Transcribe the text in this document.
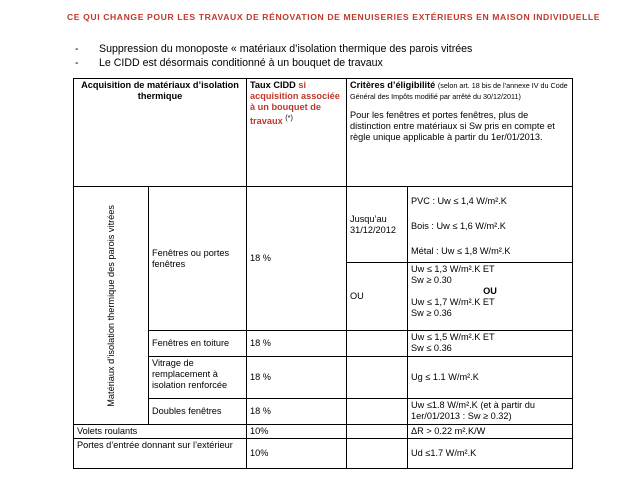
CE QUI CHANGE POUR LES TRAVAUX DE RÉNOVATION DE MENUISERIES EXTÉRIEURS EN MAISON INDIVIDUELLE
-	Suppression du monoposte « matériaux d’isolation thermique des parois vitrées
-	Le CIDD est désormais conditionné à un bouquet de travaux
Acquisition de matériaux d’isolation thermique		Taux CIDD si acquisition associée à un bouquet de travaux (*)	Critères d’éligibilité (selon art. 18 bis de l’annexe IV du Code Général des Impôts modifié par arrêté du 30/12/2011)
Pour les fenêtres et portes fenêtres, plus de distinction entre matériaux si Sw pris en compte et règle unique applicable à partir du 1er/01/2013.	

Matériaux d’isolation thermique des parois vitrées	Fenêtres ou portes fenêtres	18 %	Jusqu’au 31/12/2012	PVC : Uw ≤ 1,4 W/m².K
Bois : Uw ≤ 1,6 W/m².K
Métal : Uw ≤ 1,8 W/m².K

			OU	Uw ≤ 1,3 W/m².K ET
Sw ≥ 0.30
OU
Uw ≤ 1,7 W/m².K ET
Sw ≥ 0.36

	Fenêtres en toiture	18 %		Uw ≤ 1,5 W/m².K ET
Sw ≤ 0.36

	Vitrage de remplacement à isolation renforcée	18 %		Ug ≤ 1.1 W/m².K
	Doubles fenêtres	18 %		Uw ≤1.8 W/m².K (et à partir du 1er/01/2013 : Sw ≥ 0.32)
Volets roulants		10%		ΔR > 0.22 m².K/W
Portes d’entrée donnant sur l’extérieur		10%		Ud ≤1.7 W/m².K
